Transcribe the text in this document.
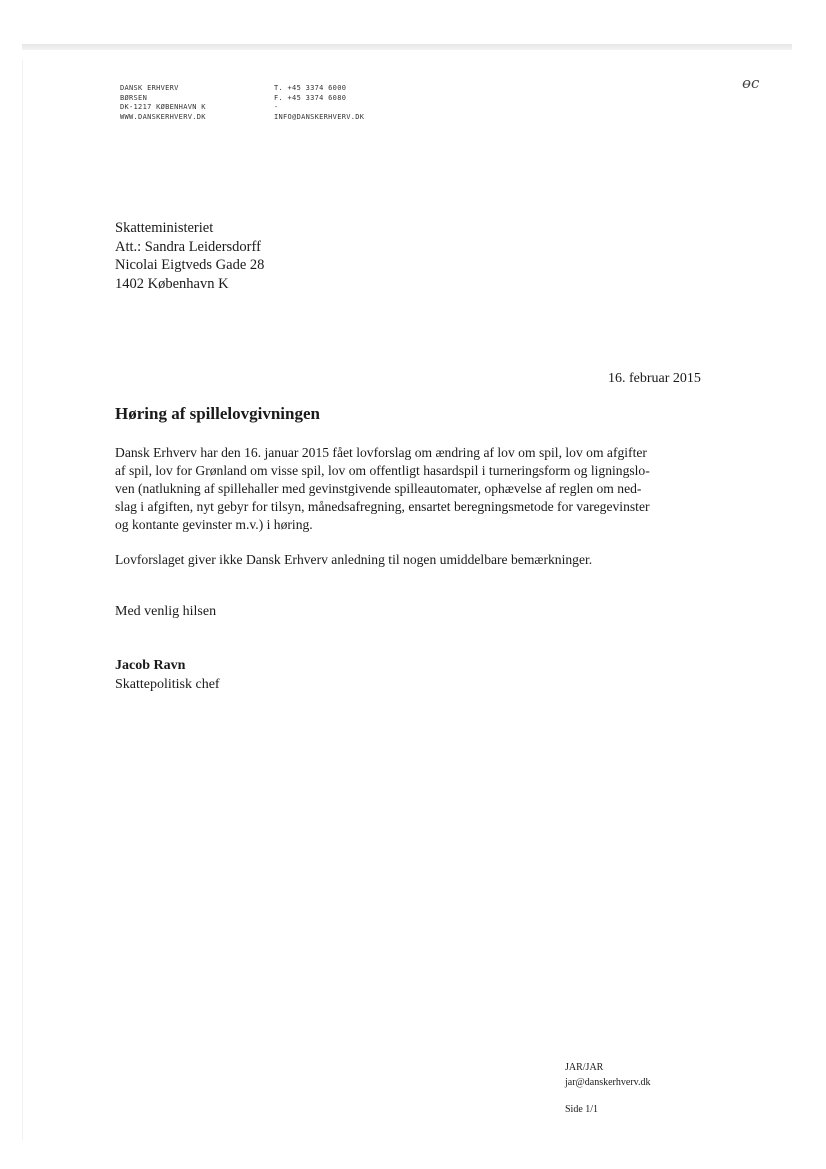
DANSK ERHVERV
BØRSEN
DK-1217 KØBENHAVN K
WWW.DANSKERHVERV.DK
T. +45 3374 6000
F. +45 3374 6080
-
INFO@DANSKERHVERV.DK
ɵc
Skatteministeriet
Att.: Sandra Leidersdorff
Nicolai Eigtveds Gade 28
1402 København K
16. februar 2015
Høring af spillelovgivningen

Dansk Erhverv har den 16. januar 2015 fået lovforslag om ændring af lov om spil, lov om afgifter
af spil, lov for Grønland om visse spil, lov om offentligt hasardspil i turneringsform og ligningslo-
ven (natlukning af spillehaller med gevinstgivende spilleautomater, ophævelse af reglen om ned-
slag i afgiften, nyt gebyr for tilsyn, månedsafregning, ensartet beregningsmetode for varegevinster
og kontante gevinster m.v.) i høring.

Lovforslaget giver ikke Dansk Erhverv anledning til nogen umiddelbare bemærkninger.

Med venlig hilsen
Jacob Ravn
Skattepolitisk chef
JAR/JAR
jar@danskerhverv.dk
Side 1/1
